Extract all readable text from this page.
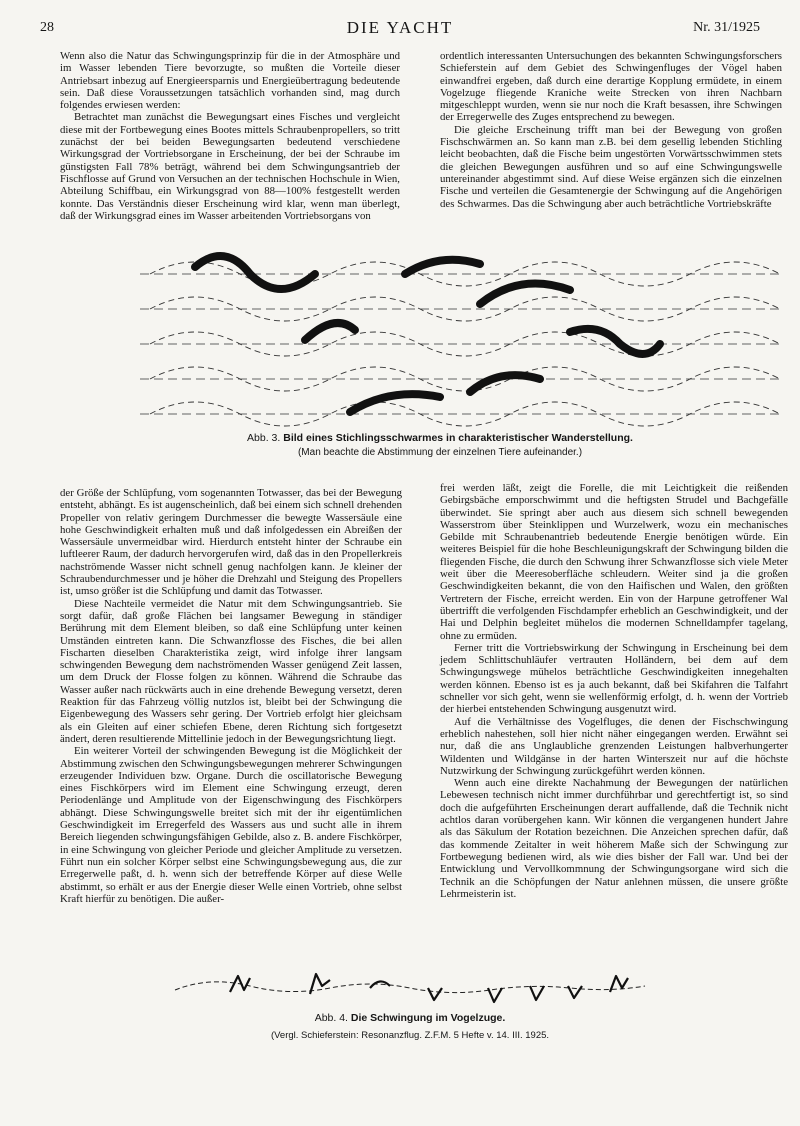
28	DIE YACHT	Nr. 31/1925

Wenn also die Natur das Schwingungsprinzip für die in der Atmosphäre und im Wasser lebenden Tiere bevorzugte, so mußten die Vorteile dieser Antriebsart inbezug auf Energieersparnis und Energieübertragung bedeutende sein. Daß diese Voraussetzungen tatsächlich vorhanden sind, mag durch folgendes erwiesen werden:

Betrachtet man zunächst die Bewegungsart eines Fisches und vergleicht diese mit der Fortbewegung eines Bootes mittels Schraubenpropellers, so tritt zunächst der bei beiden Bewegungsarten bedeutend verschiedene Wirkungsgrad der Vortriebsorgane in Erscheinung, der bei der Schraube im günstigsten Fall 78% beträgt, während bei dem Schwingungsantrieb der Fischflosse auf Grund von Versuchen an der technischen Hochschule in Wien, Abteilung Schiffbau, ein Wirkungsgrad von 88—100% festgestellt werden konnte. Das Verständnis dieser Erscheinung wird klar, wenn man überlegt, daß der Wirkungsgrad eines im Wasser arbeitenden Vortriebsorgans von

ordentlich interessanten Untersuchungen des bekannten Schwingungsforschers Schieferstein auf dem Gebiet des Schwingenfluges der Vögel haben einwandfrei ergeben, daß durch eine derartige Kopplung ermüdete, in einem Vogelzuge fliegende Kraniche weite Strecken von ihren Nachbarn mitgeschleppt wurden, wenn sie nur noch die Kraft besassen, ihre Schwingen der Erregerwelle des Zuges entsprechend zu bewegen.

Die gleiche Erscheinung trifft man bei der Bewegung von großen Fischschwärmen an. So kann man z.B. bei dem gesellig lebenden Stichling leicht beobachten, daß die Fische beim ungestörten Vorwärtsschwimmen stets die gleichen Bewegungen ausführen und so auf eine Schwingungswelle untereinander abgestimmt sind. Auf diese Weise ergänzen sich die einzelnen Fische und verteilen die Gesamtenergie der Schwingung auf die Angehörigen des Schwarmes. Das die Schwingung aber auch beträchtliche Vortriebskräfte

Abb. 3. Bild eines Stichlingsschwarmes in charakteristischer Wanderstellung.
(Man beachte die Abstimmung der einzelnen Tiere aufeinander.)

der Größe der Schlüpfung, vom sogenannten Totwasser, das bei der Bewegung entsteht, abhängt. Es ist augenscheinlich, daß bei einem sich schnell drehenden Propeller von relativ geringem Durchmesser die bewegte Wassersäule eine hohe Geschwindigkeit erhalten muß und daß infolgedessen ein Abreißen der Wassersäule unvermeidbar wird. Hierdurch entsteht hinter der Schraube ein luftleerer Raum, der dadurch hervorgerufen wird, daß das in den Propellerkreis nachströmende Wasser nicht schnell genug nachfolgen kann. Je kleiner der Schraubendurchmesser und je höher die Drehzahl und Steigung des Propellers ist, umso größer ist die Schlüpfung und damit das Totwasser.

Diese Nachteile vermeidet die Natur mit dem Schwingungsantrieb. Sie sorgt dafür, daß große Flächen bei langsamer Bewegung in ständiger Berührung mit dem Element bleiben, so daß eine Schlüpfung unter keinen Umständen eintreten kann. Die Schwanzflosse des Fisches, die bei allen Fischarten dieselben Charakteristika zeigt, wird infolge ihrer langsam schwingenden Bewegung dem nachströmenden Wasser genügend Zeit lassen, um dem Druck der Flosse folgen zu können. Während die Schraube das Wasser außer nach rückwärts auch in eine drehende Bewegung versetzt, deren Reaktion für das Fahrzeug völlig nutzlos ist, bleibt bei der Schwingung die Eigenbewegung des Wassers sehr gering. Der Vortrieb erfolgt hier gleichsam als ein Gleiten auf einer schiefen Ebene, deren Richtung sich fortgesetzt ändert, deren resultierende Mittellinie jedoch in der Bewegungsrichtung liegt.

Ein weiterer Vorteil der schwingenden Bewegung ist die Möglichkeit der Abstimmung zwischen den Schwingungsbewegungen mehrerer Schwingungen erzeugender Individuen bzw. Organe. Durch die oscillatorische Bewegung eines Fischkörpers wird im Element eine Schwingung erzeugt, deren Periodenlänge und Amplitude von der Eigenschwingung des Fischkörpers abhängt. Diese Schwingungswelle breitet sich mit der ihr eigentümlichen Geschwindigkeit im Erregerfeld des Wassers aus und sucht alle in ihrem Bereich liegenden schwingungsfähigen Gebilde, also z. B. andere Fischkörper, in eine Schwingung von gleicher Periode und gleicher Amplitude zu versetzen. Führt nun ein solcher Körper selbst eine Schwingungsbewegung aus, die zur Erregerwelle paßt, d. h. wenn sich der betreffende Körper auf diese Welle abstimmt, so erhält er aus der Energie dieser Welle einen Vortrieb, ohne selbst Kraft hierfür zu benötigen. Die außer-

frei werden läßt, zeigt die Forelle, die mit Leichtigkeit die reißenden Gebirgsbäche emporschwimmt und die heftigsten Strudel und Bachgefälle überwindet. Sie springt aber auch aus diesem sich schnell bewegenden Wasserstrom über Steinklippen und Wurzelwerk, wozu ein mechanisches Gebilde mit Schraubenantrieb bedeutende Energie benötigen würde. Ein weiteres Beispiel für die hohe Beschleunigungskraft der Schwingung bilden die fliegenden Fische, die durch den Schwung ihrer Schwanzflosse sich viele Meter weit über die Meeresoberfläche schleudern. Weiter sind ja die großen Geschwindigkeiten bekannt, die von den Haifischen und Walen, den größten Vertretern der Fische, erreicht werden. Ein von der Harpune getroffener Wal übertrifft die verfolgenden Fischdampfer erheblich an Geschwindigkeit, und der Hai und Delphin begleitet mühelos die modernen Schnelldampfer tagelang, ohne zu ermüden.

Ferner tritt die Vortriebswirkung der Schwingung in Erscheinung bei dem jedem Schlittschuhläufer vertrauten Holländern, bei dem auf dem Schwingungswege mühelos beträchtliche Geschwindigkeiten innegehalten werden können. Ebenso ist es ja auch bekannt, daß bei Skifahren die Talfahrt schneller vor sich geht, wenn sie wellenförmig erfolgt, d. h. wenn der Vortrieb der hierbei entstehenden Schwingung ausgenutzt wird.

Auf die Verhältnisse des Vogelfluges, die denen der Fischschwingung erheblich nahestehen, soll hier nicht näher eingegangen werden. Erwähnt sei nur, daß die ans Unglaubliche grenzenden Leistungen halbverhungerter Wildenten und Wildgänse in der harten Winterszeit nur auf die höchste Nutzwirkung der Schwingung zurückgeführt werden können.

Wenn auch eine direkte Nachahmung der Bewegungen der natürlichen Lebewesen technisch nicht immer durchführbar und gerechtfertigt ist, so sind doch die aufgeführten Erscheinungen derart auffallende, daß die Technik nicht achtlos daran vorübergehen kann. Wir können die vergangenen hundert Jahre als das Säkulum der Rotation bezeichnen. Die Anzeichen sprechen dafür, daß das kommende Zeitalter in weit höherem Maße sich der Schwingung zur Fortbewegung bedienen wird, als wie dies bisher der Fall war. Und bei der Entwicklung und Vervollkommnung der Schwingungsorgane wird sich die Technik an die Schöpfungen der Natur anlehnen müssen, die unsere größte Lehrmeisterin ist.

Abb. 4. Die Schwingung im Vogelzuge.
(Vergl. Schieferstein: Resonanzflug. Z.F.M. 5 Hefte v. 14. III. 1925.
